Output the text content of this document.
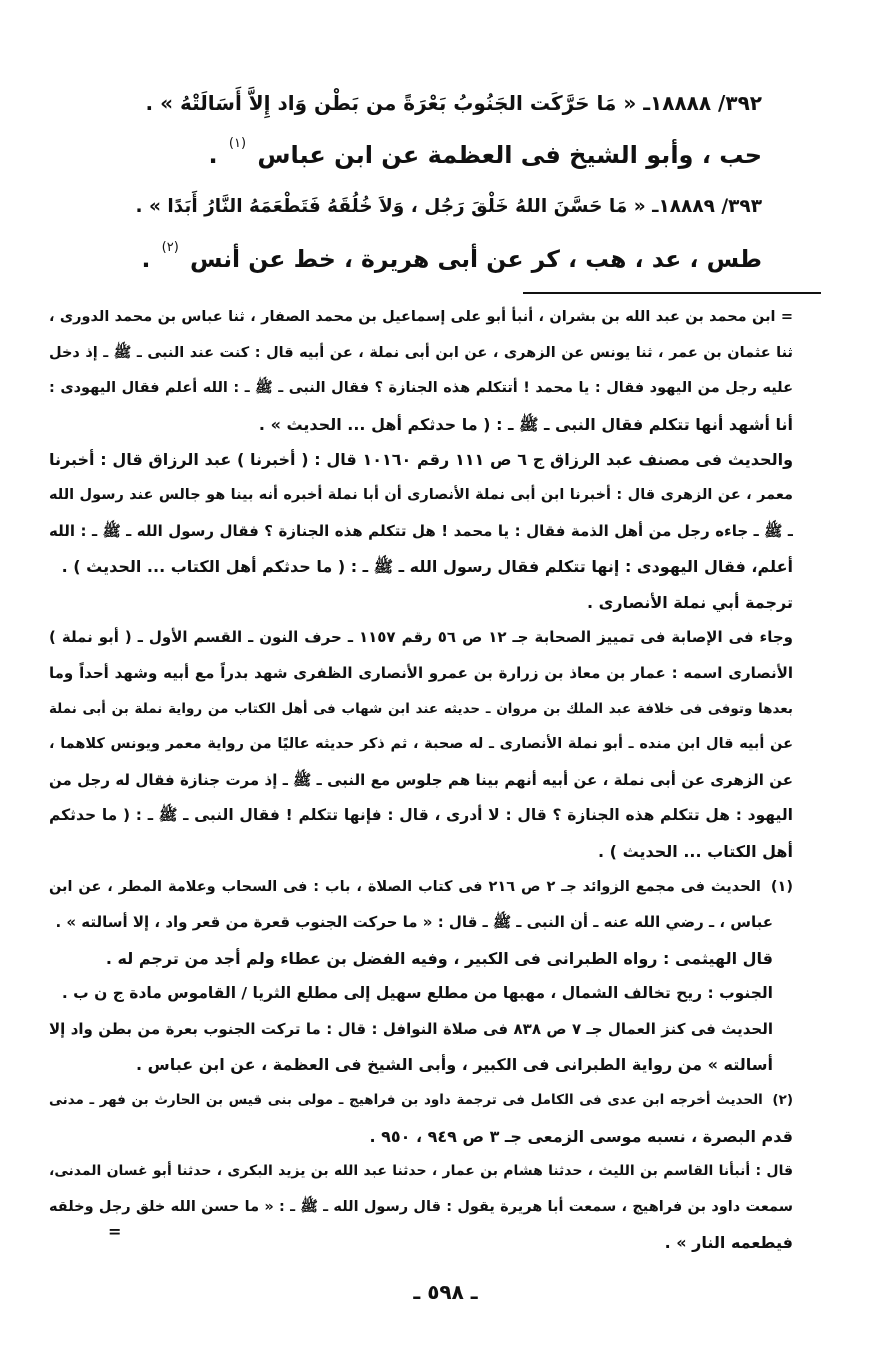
٣٩٢/ ١٨٨٨٨ـ « مَا حَرَّكَت الجَنُوبُ بَعْرَةً من بَطْن وَاد إِلاَّ أَسَالَتْهُ » .
حب ، وأبو الشيخ فى العظمة عن ابن عباس $^{(١)}$ .
٣٩٣/ ١٨٨٨٩ـ « مَا حَسَّنَ اللهُ خَلْقَ رَجُل ، وَلاَ خُلُقَهُ فَتَطْعَمَهُ النَّارُ أَبَدًا » .
طس ، عد ، هب ، كر عن أبى هريرة ، خط عن أنس $^{(٢)}$ .
= ابن محمد بن عبد الله بن بشران ، أنبأ أبو على إسماعيل بن محمد الصفار ، ثنا عباس بن محمد الدورى ،
ثنا عثمان بن عمر ، ثنا يونس عن الزهرى ، عن ابن أبى نملة ، عن أبيه قال : كنت عند النبى ـ ﷺ ـ إذ دخل
عليه رجل من اليهود فقال : يا محمد ! أتتكلم هذه الجنازة ؟ فقال النبى ـ ﷺ ـ : الله أعلم فقال اليهودى :
أنا أشهد أنها تتكلم فقال النبى ـ ﷺ ـ : ( ما حدثكم أهل ... الحديث » .
والحديث فى مصنف عبد الرزاق ج ٦ ص ١١١ رقم ١٠١٦٠ قال : ( أخبرنا ) عبد الرزاق قال : أخبرنا
معمر ، عن الزهرى قال : أخبرنا ابن أبى نملة الأنصارى أن أبا نملة أخبره أنه بينا هو جالس عند رسول الله
ـ ﷺ ـ جاءه رجل من أهل الذمة فقال : يا محمد ! هل تتكلم هذه الجنازة ؟ فقال رسول الله ـ ﷺ ـ : الله
أعلم، فقال اليهودى : إنها تتكلم فقال رسول الله ـ ﷺ ـ : ( ما حدثكم أهل الكتاب ... الحديث ) .
ترجمة أبي نملة الأنصارى .
وجاء فى الإصابة فى تمييز الصحابة جـ ١٢ ص ٥٦ رقم ١١٥٧ ـ حرف النون ـ القسم الأول ـ ( أبو نملة )
الأنصارى اسمه : عمار بن معاذ بن زرارة بن عمرو الأنصارى الظفرى شهد بدراً مع أبيه وشهد أحداً وما
بعدها وتوفى فى خلافة عبد الملك بن مروان ـ حديثه عند ابن شهاب فى أهل الكتاب من رواية نملة بن أبى نملة
عن أبيه قال ابن منده ـ أبو نملة الأنصارى ـ له صحبة ، ثم ذكر حديثه عاليًا من رواية معمر ويونس كلاهما ،
عن الزهرى عن أبى نملة ، عن أبيه أنهم بينا هم جلوس مع النبى ـ ﷺ ـ إذ مرت جنازة فقال له رجل من
اليهود : هل تتكلم هذه الجنازة ؟ قال : لا أدرى ، قال : فإنها تتكلم ! فقال النبى ـ ﷺ ـ : ( ما حدثكم
أهل الكتاب ... الحديث ) .
(١) الحديث فى مجمع الزوائد جـ ٢ ص ٢١٦ فى كتاب الصلاة ، باب : فى السحاب وعلامة المطر ، عن ابن
عباس ، ـ رضي الله عنه ـ أن النبى ـ ﷺ ـ قال : « ما حركت الجنوب قعرة من قعر واد ، إلا أسالته » .
قال الهيثمى : رواه الطبرانى فى الكبير ، وفيه الفضل بن عطاء ولم أجد من ترجم له .
الجنوب : ريح تخالف الشمال ، مهبها من مطلع سهيل إلى مطلع الثريا / القاموس مادة ج ن ب .
الحديث فى كنز العمال جـ ٧ ص ٨٣٨ فى صلاة النوافل : قال : ما تركت الجنوب بعرة من بطن واد إلا
أسالته » من رواية الطبرانى فى الكبير ، وأبى الشيخ فى العظمة ، عن ابن عباس .
(٢) الحديث أخرجه ابن عدى فى الكامل فى ترجمة داود بن فراهيج ـ مولى بنى قيس بن الحارث بن فهر ـ مدنى
قدم البصرة ، نسبه موسى الزمعى جـ ٣ ص ٩٤٩ ، ٩٥٠ .
قال : أنبأنا القاسم بن الليث ، حدثنا هشام بن عمار ، حدثنا عبد الله بن يزيد البكرى ، حدثنا أبو غسان المدنى،
سمعت داود بن فراهيج ، سمعت أبا هريرة يقول : قال رسول الله ـ ﷺ ـ : « ما حسن الله خلق رجل وخلقه
فيطعمه النار » .
=
ـ ٥٩٨ ـ
